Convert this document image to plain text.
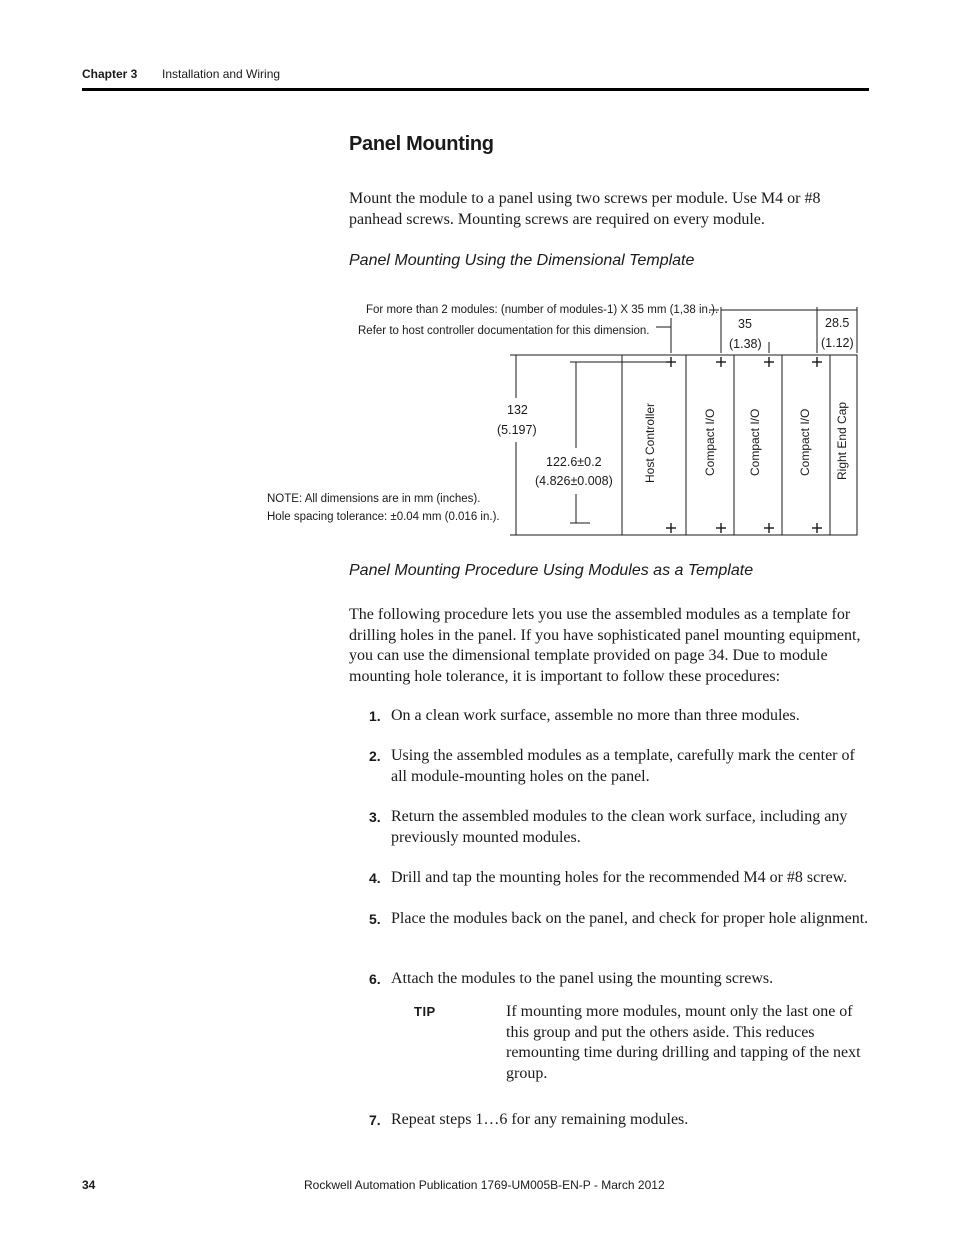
Chapter 3 Installation and Wiring
Panel Mounting

Mount the module to a panel using two screws per module. Use M4 or #8 panhead screws. Mounting screws are required on every module.

Panel Mounting Using the Dimensional Template

For more than 2 modules: (number of modules-1) X 35 mm (1,38 in.).
Refer to host controller documentation for this dimension.	35
(1.38)
28.5
(1.12)
132
(5.197)
122.6±0.2
(4.826±0.008)	Host Controller	Compact I/O	Compact I/O	Compact I/O Right End Cap
NOTE: All dimensions are in mm (inches).
Hole spacing tolerance: ±0.04 mm (0.016 in.).

Panel Mounting Procedure Using Modules as a Template

The following procedure lets you use the assembled modules as a template for drilling holes in the panel. If you have sophisticated panel mounting equipment, you can use the dimensional template provided on page 34. Due to module mounting hole tolerance, it is important to follow these procedures:

1. On a clean work surface, assemble no more than three modules.
2. Using the assembled modules as a template, carefully mark the center of all module-mounting holes on the panel.
3. Return the assembled modules to the clean work surface, including any previously mounted modules.
4. Drill and tap the mounting holes for the recommended M4 or #8 screw.
5. Place the modules back on the panel, and check for proper hole alignment.
6. Attach the modules to the panel using the mounting screws.
TIP	If mounting more modules, mount only the last one of this group and put the others aside. This reduces remounting time during drilling and tapping of the next group.
7. Repeat steps 1…6 for any remaining modules.
34	Rockwell Automation Publication 1769-UM005B-EN-P - March 2012
